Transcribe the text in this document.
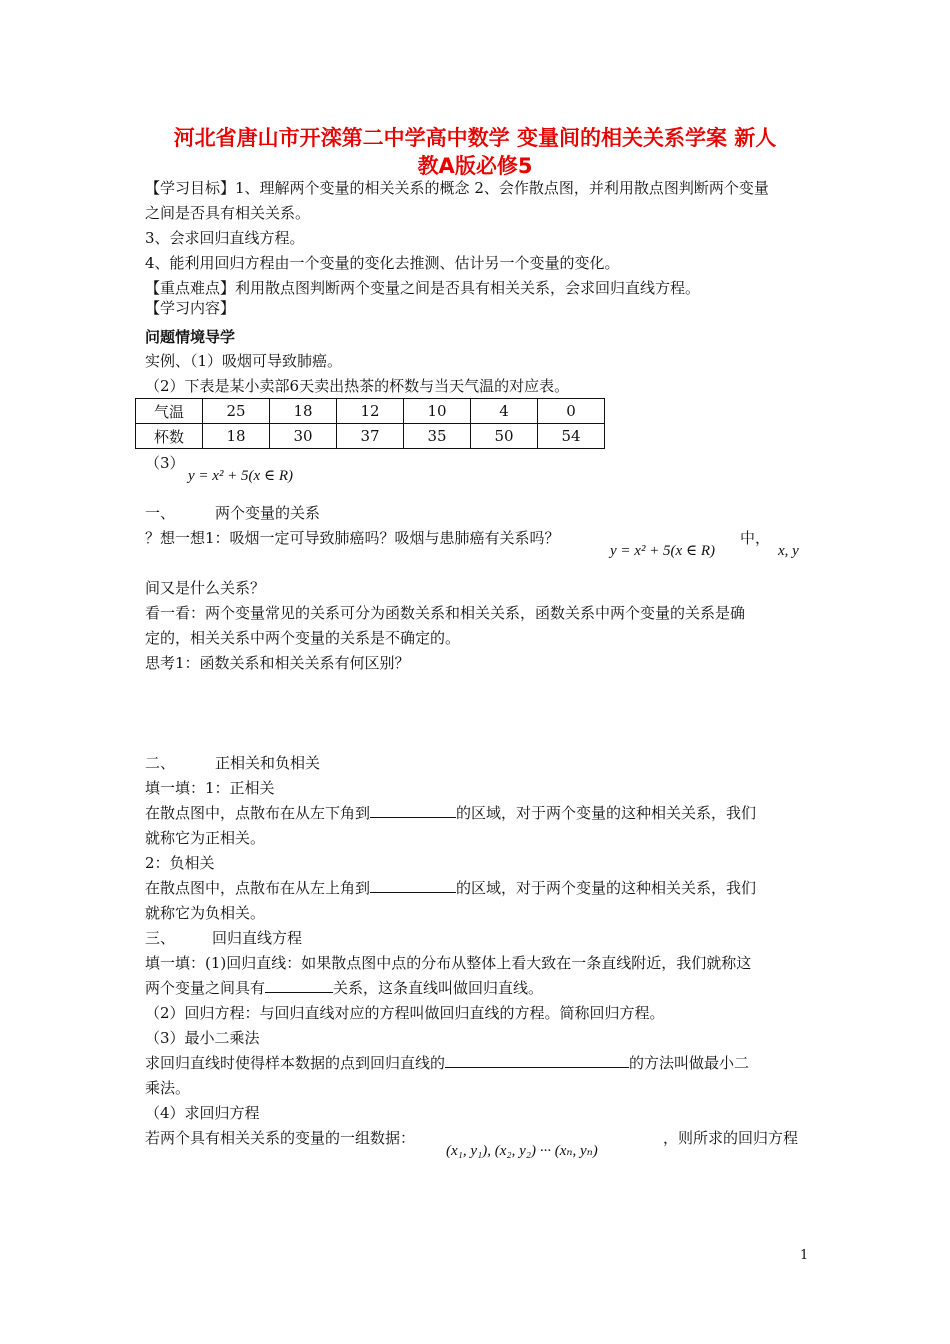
河北省唐山市开滦第二中学高中数学 变量间的相关关系学案 新人
教A版必修5
【学习目标】1、理解两个变量的相关关系的概念 2、会作散点图，并利用散点图判断两个变量
之间是否具有相关关系。
3、会求回归直线方程。
4、能利用回归方程由一个变量的变化去推测、估计另一个变量的变化。
【重点难点】利用散点图判断两个变量之间是否具有相关关系，会求回归直线方程。
【学习内容】
问题情境导学
实例、（1）吸烟可导致肺癌。
（2）下表是某小卖部6天卖出热茶的杯数与当天气温的对应表。
气温	25	18	12	10	4	0
杯数	18	30	37	35	50	54
（3）
y = x² + 5(x ∈ R)
一、	两个变量的关系
？想一想1：吸烟一定可导致肺癌吗？吸烟与患肺癌有关系吗？
y = x² + 5(x ∈ R)
中，
x, y
间又是什么关系？
看一看：两个变量常见的关系可分为函数关系和相关关系，函数关系中两个变量的关系是确
定的，相关关系中两个变量的关系是不确定的。
思考1：函数关系和相关关系有何区别？
二、	正相关和负相关
填一填：1：正相关
在散点图中，点散布在从左下角到	的区域，对于两个变量的这种相关关系，我们
就称它为正相关。
2：负相关
在散点图中，点散布在从左上角到	的区域，对于两个变量的这种相关关系，我们
就称它为负相关。
三、 回归直线方程
填一填：(1)回归直线：如果散点图中点的分布从整体上看大致在一条直线附近，我们就称这
两个变量之间具有	关系，这条直线叫做回归直线。
（2）回归方程：与回归直线对应的方程叫做回归直线的方程。简称回归方程。
（3）最小二乘法
求回归直线时使得样本数据的点到回归直线的	的方法叫做最小二
乘法。
（4）求回归方程
若两个具有相关关系的变量的一组数据：
(x₁, y₁), (x₂, y₂) ··· (xₙ, yₙ)
，则所求的回归方程
1
